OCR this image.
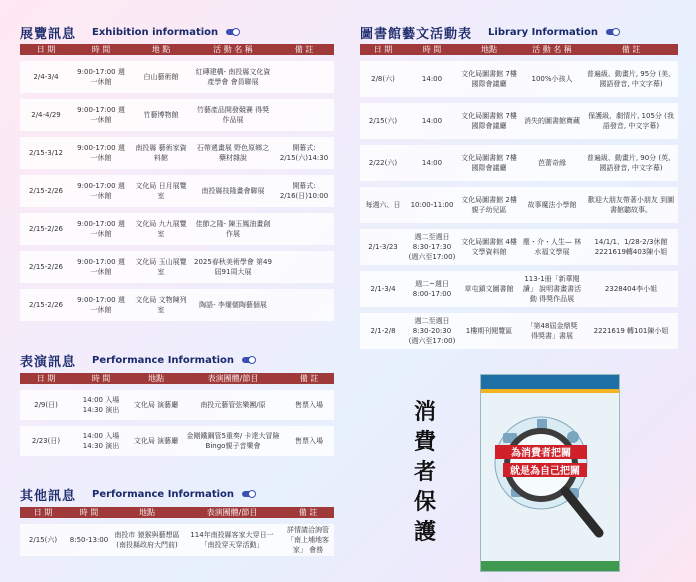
展覽訊息 Exhibition information
日 期	時 間	地 點	活 動 名 稱	備 註

2/4-3/4	9:00-17:00 週一休館	白山藝術館	紅磚建構- 南投縣文化資產學會 會員聯展	

2/4-4/29	9:00-17:00 週一休館	竹藝博物館	竹藝產品開發競賽 得獎作品展	

2/15-3/12	9:00-17:00 週一休館	南投縣 藝術家資料館	石帶遞畫展 野色原鄉之藥材雜說	開幕式: 2/15(六)14:30

2/15-2/26	9:00-17:00 週一休館	文化局 日月展覽室	南投縣技隆畫會聯展	開幕式: 2/16(日)10:00

2/15-2/26	9:00-17:00 週一休館	文化局 九九展覽室	佳節之隆- 陳玉鳳油畫創作展	

2/15-2/26	9:00-17:00 週一休館	文化局 玉山展覽室	2025春秋美術學會 第49屆91周大展	

2/15-2/26	9:00-17:00 週一休館	文化局 文物陳列室	陶語- 李燿儒陶藝個展	
表演訊息 Performance Information
日 期	時 間	地點	表演團體/節目	備 註

2/9(日)	14:00 入場 14:30 演出	文化局 演藝廳	南投元藝管弦樂團/原	售票入場

2/23(日)	14:00 入場 14:30 演出	文化局 演藝廳	金剛鐵鋼管5重奏/ 卡達大冒險 Bingo親子音樂會	售票入場
其他訊息 Performance Information
日 期	時 間	地點	表演團體/節目	備 註

2/15(六)	8:50-13:00	南投市 猿猴與藝想區 (南投縣政府大門前)	114年南投縣客家大穿日一 「南投穿天穿活動」	詳情請洽詢管 「南上埔地客家」 會務
圖書館藝文活動表 Library Information
日 期	時 間	地點	活 動 名 稱	備 註

2/8(六)	14:00	文化局圖書館 7樓國際會議廳	100%小孩人	普遍級、動畫片, 95分 (美、國語發音, 中文字幕)

2/15(六)	14:00	文化局圖書館 7樓國際會議廳	消失的圖書館寶藏	保護級、劇情片, 105分 (我語發音, 中文字幕)

2/22(六)	14:00	文化局圖書館 7樓國際會議廳	芭蕾奇緣	普遍級、動畫片, 90分 (英、國語發音, 中文字幕)

每週六、日	10:00-11:00	文化局圖書館 2樓親子幼兒區	故事魔法小學館	歡迎大朋友帶著小朋友 到圖書館聽故事。

2/1-3/23	週二至週日 8:30-17:30 (週六至17:00)	文化局圖書館 4樓文學資料館	塵・介・人生— 林水福文學展	14/1/1、1/28-2/3休館 2221619轉403陳小姐

2/1-3/4	週二~週日 8:00-17:00	草屯鎮文圖書館	113-1冊「新華閱讀」 說明書畫書活動 得獎作品展	2328404李小姐

2/1-2/8	週二至週日 8:30-20:30 (週六至17:00)	1樓期刊閱覽區	「第48屆金鼎獎 得獎書」書展	2221619 轉101陳小姐
消費者保護
為消費者把關
就是為自己把關
